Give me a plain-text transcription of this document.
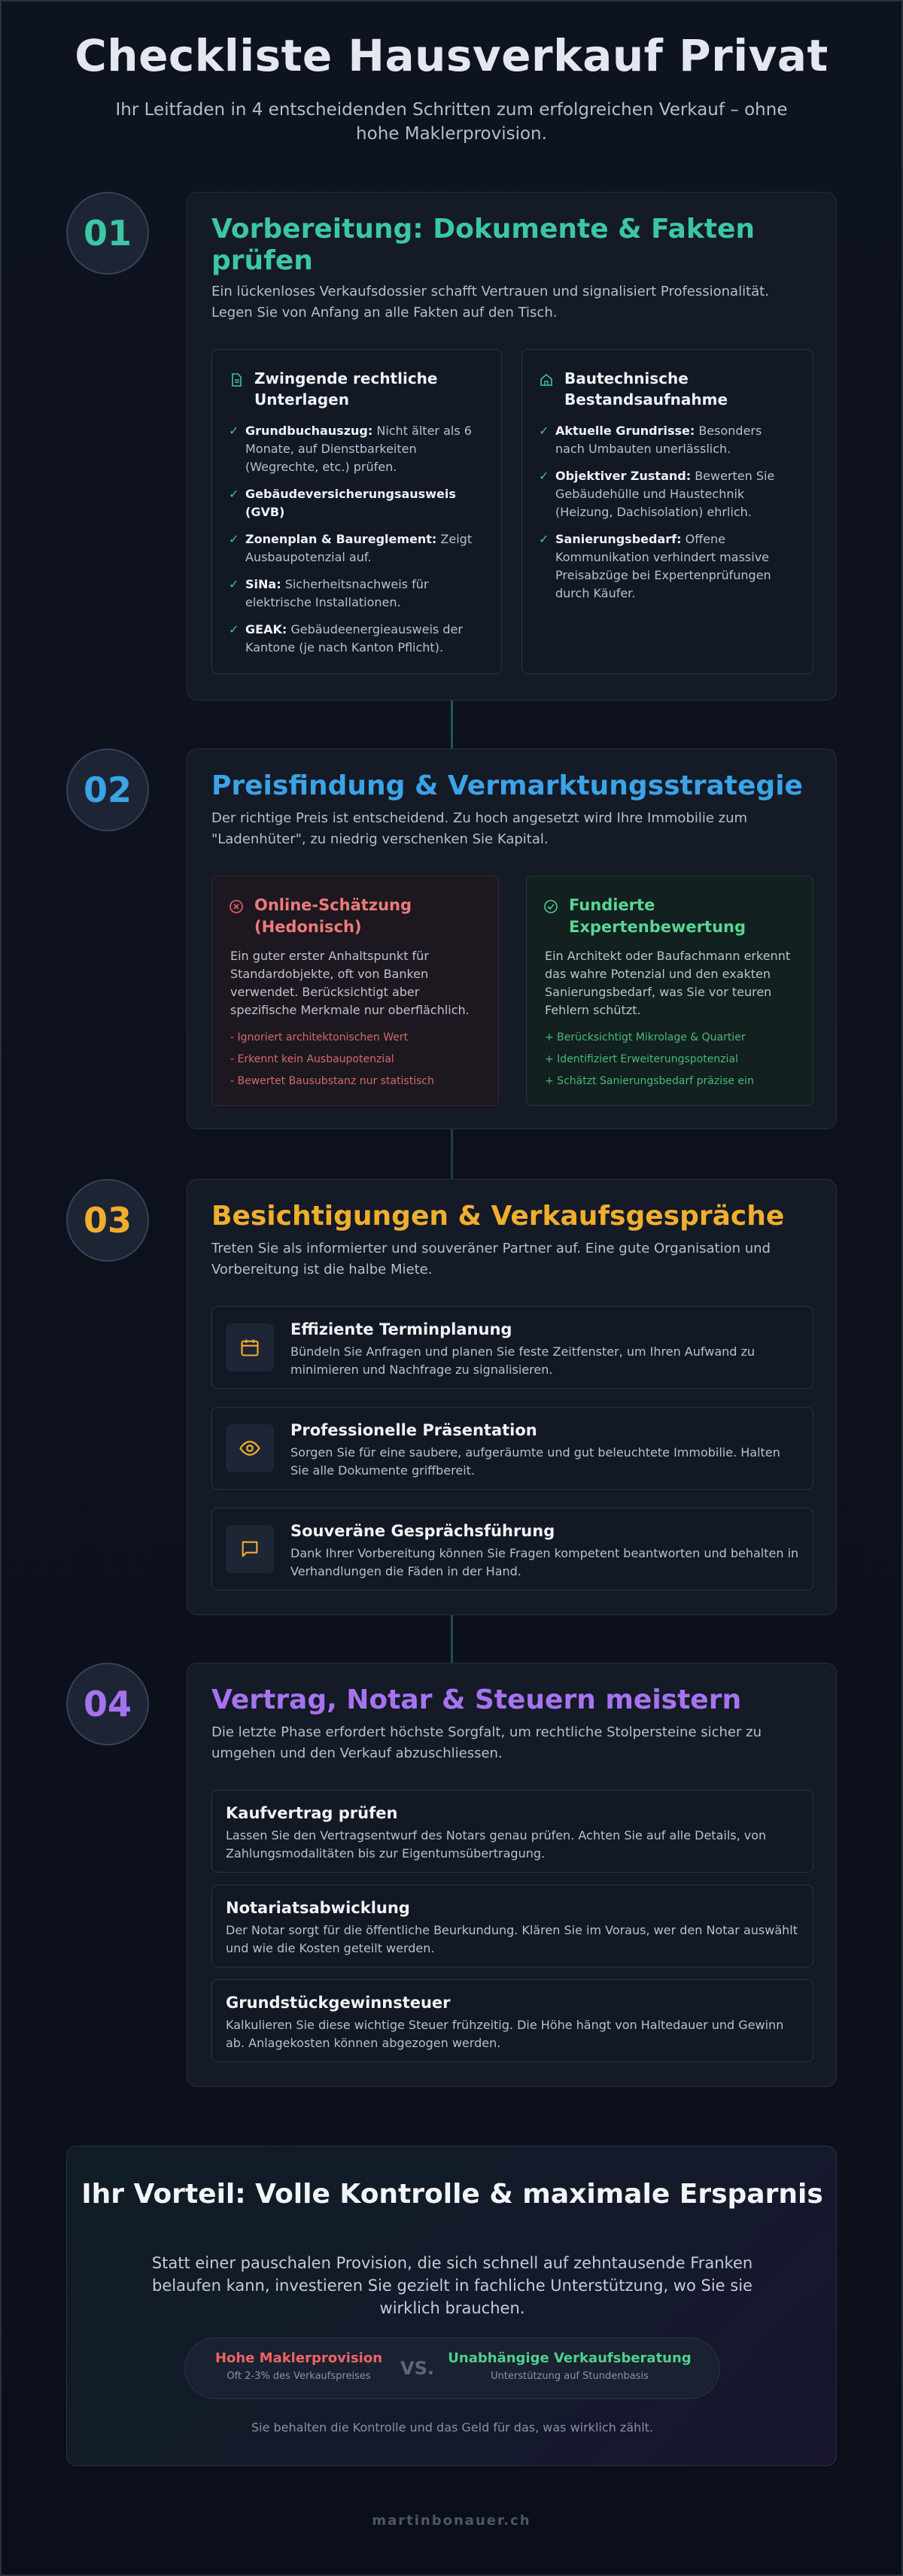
Checkliste Hausverkauf Privat

Ihr Leitfaden in 4 entscheidenden Schritten zum erfolgreichen Verkauf – ohne hohe Maklerprovision.

01	Vorbereitung: Dokumente & Fakten prüfen

Ein lückenloses Verkaufsdossier schafft Vertrauen und signalisiert Professionalität. Legen Sie von Anfang an alle Fakten auf den Tisch.

Zwingende rechtliche Unterlagen
✓ Grundbuchauszug: Nicht älter als 6 Monate, auf Dienstbarkeiten (Wegrechte, etc.) prüfen.
✓ Gebäudeversicherungsausweis (GVB)
✓ Zonenplan & Baureglement: Zeigt Ausbaupotenzial auf.
✓ SiNa: Sicherheitsnachweis für elektrische Installationen.
✓ GEAK: Gebäudeenergieausweis der Kantone (je nach Kanton Pflicht).
Bautechnische Bestandsaufnahme
✓ Aktuelle Grundrisse: Besonders nach Umbauten unerlässlich.
✓ Objektiver Zustand: Bewerten Sie Gebäudehülle und Haustechnik (Heizung, Dachisolation) ehrlich.
✓ Sanierungsbedarf: Offene Kommunikation verhindert massive Preisabzüge bei Expertenprüfungen durch Käufer.
02	Preisfindung & Vermarktungsstrategie

Der richtige Preis ist entscheidend. Zu hoch angesetzt wird Ihre Immobilie zum "Ladenhüter", zu niedrig verschenken Sie Kapital.

Online-Schätzung (Hedonisch)

Ein guter erster Anhaltspunkt für Standardobjekte, oft von Banken verwendet. Berücksichtigt aber spezifische Merkmale nur oberflächlich.

- Ignoriert architektonischen Wert
- Erkennt kein Ausbaupotenzial
- Bewertet Bausubstanz nur statistisch
Fundierte Expertenbewertung

Ein Architekt oder Baufachmann erkennt das wahre Potenzial und den exakten Sanierungsbedarf, was Sie vor teuren Fehlern schützt.

+ Berücksichtigt Mikrolage & Quartier
+ Identifiziert Erweiterungspotenzial
+ Schätzt Sanierungsbedarf präzise ein
03	Besichtigungen & Verkaufsgespräche

Treten Sie als informierter und souveräner Partner auf. Eine gute Organisation und Vorbereitung ist die halbe Miete.

Effiziente Terminplanung
Bündeln Sie Anfragen und planen Sie feste Zeitfenster, um Ihren Aufwand zu minimieren und Nachfrage zu signalisieren.
Professionelle Präsentation
Sorgen Sie für eine saubere, aufgeräumte und gut beleuchtete Immobilie. Halten Sie alle Dokumente griffbereit.
Souveräne Gesprächsführung
Dank Ihrer Vorbereitung können Sie Fragen kompetent beantworten und behalten in Verhandlungen die Fäden in der Hand.
04	Vertrag, Notar & Steuern meistern

Die letzte Phase erfordert höchste Sorgfalt, um rechtliche Stolpersteine sicher zu umgehen und den Verkauf abzuschliessen.

Kaufvertrag prüfen
Lassen Sie den Vertragsentwurf des Notars genau prüfen. Achten Sie auf alle Details, von Zahlungsmodalitäten bis zur Eigentumsübertragung.
Notariatsabwicklung
Der Notar sorgt für die öffentliche Beurkundung. Klären Sie im Voraus, wer den Notar auswählt und wie die Kosten geteilt werden.
Grundstückgewinnsteuer
Kalkulieren Sie diese wichtige Steuer frühzeitig. Die Höhe hängt von Haltedauer und Gewinn ab. Anlagekosten können abgezogen werden.
Ihr Vorteil: Volle Kontrolle & maximale Ersparnis

Statt einer pauschalen Provision, die sich schnell auf zehntausende Franken belaufen kann, investieren Sie gezielt in fachliche Unterstützung, wo Sie sie wirklich brauchen.

Hohe Maklerprovision
Oft 2-3% des Verkaufspreises	VS. Unabhängige Verkaufsberatung
Unterstützung auf Stundenbasis

Sie behalten die Kontrolle und das Geld für das, was wirklich zählt.

martinbonauer.ch
